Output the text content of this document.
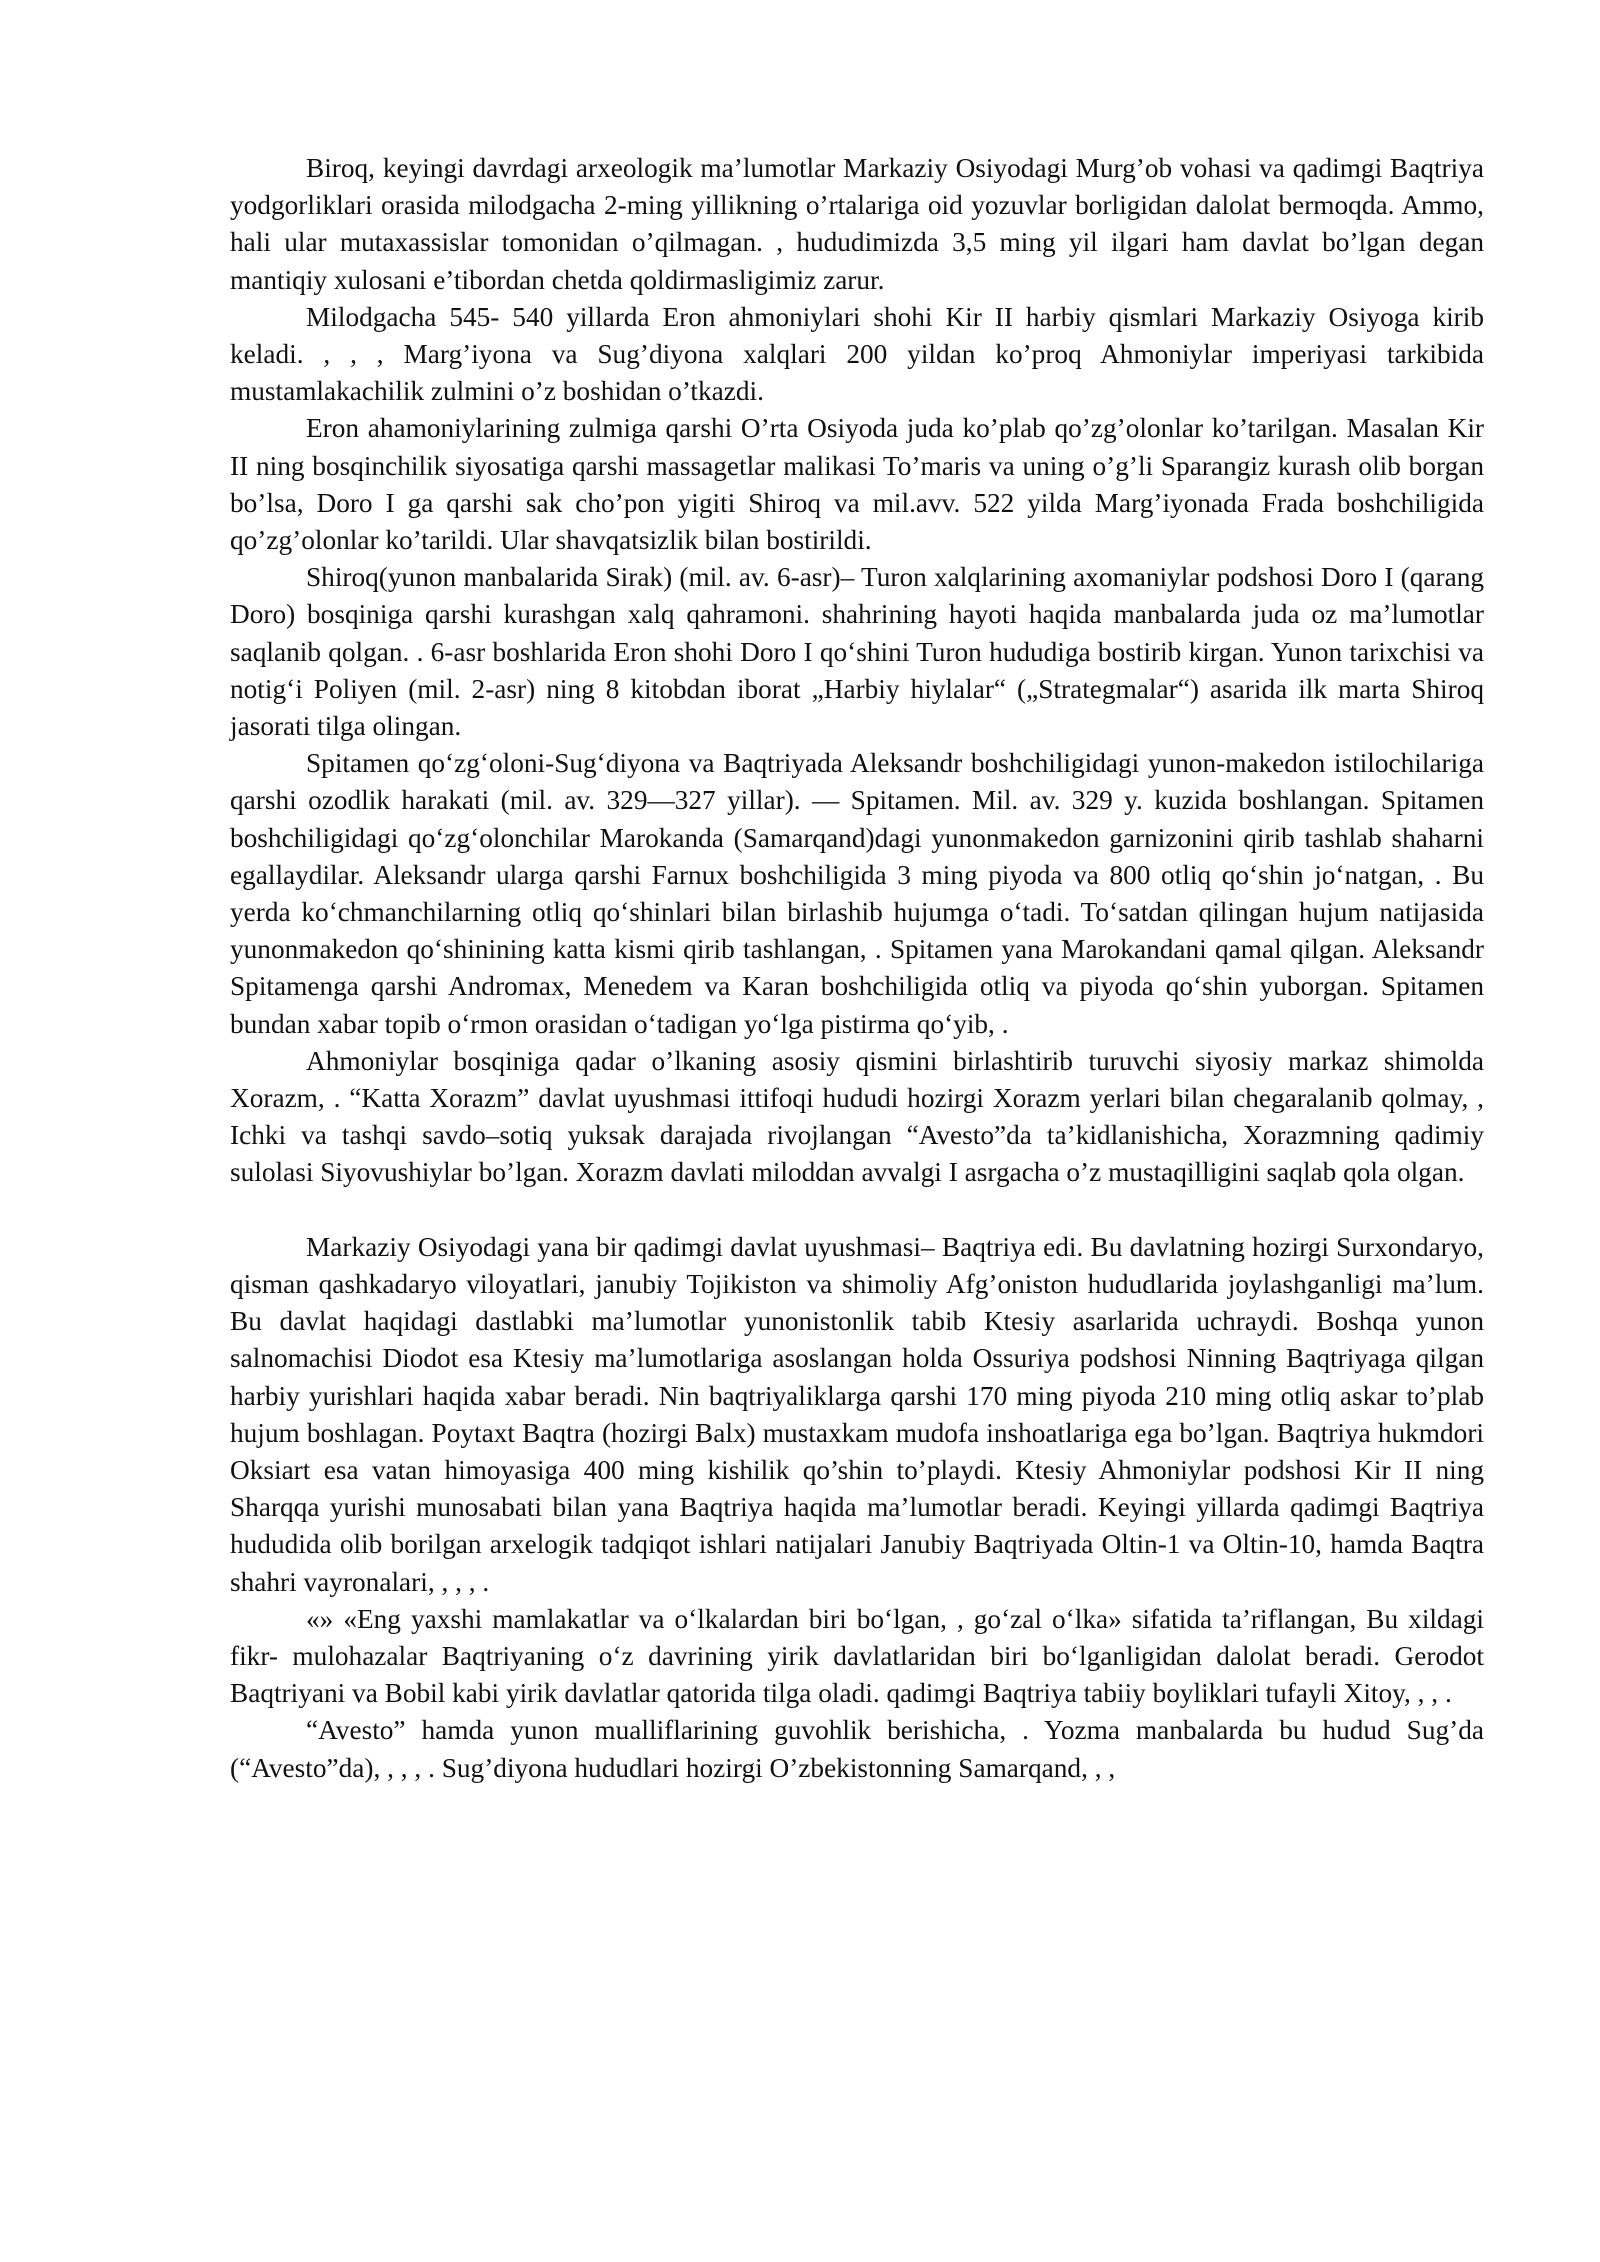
Biroq, keyingi davrdagi arxeologik ma’lumotlar Markaziy Osiyodagi Murg’ob vohasi va qadimgi Baqtriya yodgorliklari orasida milodgacha 2-ming yillikning o’rtalariga oid yozuvlar borligidan dalolat bermoqda. Ammo, hali ular mutaxassislar tomonidan o’qilmagan. , hududimizda 3,5 ming yil ilgari ham davlat bo’lgan degan mantiqiy xulosani e’tibordan chetda qoldirmasligimiz zarur.

Milodgacha 545- 540 yillarda Eron ahmoniylari shohi Kir II harbiy qismlari Markaziy Osiyoga kirib keladi. , , , Marg’iyona va Sug’diyona xalqlari 200 yildan ko’proq Ahmoniylar imperiyasi tarkibida mustamlakachilik zulmini o’z boshidan o’tkazdi.

Eron ahamoniylarining zulmiga qarshi O’rta Osiyoda juda ko’plab qo’zg’olonlar ko’tarilgan. Masalan Kir II ning bosqinchilik siyosatiga qarshi massagetlar malikasi To’maris va uning o’g’li Sparangiz kurash olib borgan bo’lsa, Doro I ga qarshi sak cho’pon yigiti Shiroq va mil.avv. 522 yilda Marg’iyonada Frada boshchiligida qo’zg’olonlar ko’tarildi. Ular shavqatsizlik bilan bostirildi.

Shiroq(yunon manbalarida Sirak) (mil. av. 6-asr)– Turon xalqlarining axomaniylar podshosi Doro I (qarang Doro) bosqiniga qarshi kurashgan xalq qahramoni. shahrining hayoti haqida manbalarda juda oz ma’lumotlar saqlanib qolgan. . 6-asr boshlarida Eron shohi Doro I qo‘shini Turon hududiga bostirib kirgan. Yunon tarixchisi va notig‘i Poliyen (mil. 2-asr) ning 8 kitobdan iborat „Harbiy hiylalar“ („Strategmalar“) asarida ilk marta Shiroq jasorati tilga olingan.

Spitamen qo‘zg‘oloni-Sug‘diyona va Baqtriyada Aleksandr boshchiligidagi yunon-makedon istilochilariga qarshi ozodlik harakati (mil. av. 329—327 yillar). — Spitamen. Mil. av. 329 y. kuzida boshlangan. Spitamen boshchiligidagi qo‘zg‘olonchilar Marokanda (Samarqand)dagi yunonmakedon garnizonini qirib tashlab shaharni egallaydilar. Aleksandr ularga qarshi Farnux boshchiligida 3 ming piyoda va 800 otliq qo‘shin jo‘natgan, . Bu yerda ko‘chmanchilarning otliq qo‘shinlari bilan birlashib hujumga o‘tadi. To‘satdan qilingan hujum natijasida yunonmakedon qo‘shinining katta kismi qirib tashlangan, . Spitamen yana Marokandani qamal qilgan. Aleksandr Spitamenga qarshi Andromax, Menedem va Karan boshchiligida otliq va piyoda qo‘shin yuborgan. Spitamen bundan xabar topib o‘rmon orasidan o‘tadigan yo‘lga pistirma qo‘yib, .

Ahmoniylar bosqiniga qadar o’lkaning asosiy qismini birlashtirib turuvchi siyosiy markaz shimolda Xorazm, . “Katta Xorazm” davlat uyushmasi ittifoqi hududi hozirgi Xorazm yerlari bilan chegaralanib qolmay, , Ichki va tashqi savdo–sotiq yuksak darajada rivojlangan “Avesto”da ta’kidlanishicha, Xorazmning qadimiy sulolasi Siyovushiylar bo’lgan. Xorazm davlati miloddan avvalgi I asrgacha o’z mustaqilligini saqlab qola olgan.

Markaziy Osiyodagi yana bir qadimgi davlat uyushmasi– Baqtriya edi. Bu davlatning hozirgi Surxondaryo, qisman qashkadaryo viloyatlari, janubiy Tojikiston va shimoliy Afg’oniston hududlarida joylashganligi ma’lum. Bu davlat haqidagi dastlabki ma’lumotlar yunonistonlik tabib Ktesiy asarlarida uchraydi. Boshqa yunon salnomachisi Diodot esa Ktesiy ma’lumotlariga asoslangan holda Ossuriya podshosi Ninning Baqtriyaga qilgan harbiy yurishlari haqida xabar beradi. Nin baqtriyaliklarga qarshi 170 ming piyoda 210 ming otliq askar to’plab hujum boshlagan. Poytaxt Baqtra (hozirgi Balx) mustaxkam mudofa inshoatlariga ega bo’lgan. Baqtriya hukmdori Oksiart esa vatan himoyasiga 400 ming kishilik qo’shin to’playdi. Ktesiy Ahmoniylar podshosi Kir II ning Sharqqa yurishi munosabati bilan yana Baqtriya haqida ma’lumotlar beradi. Keyingi yillarda qadimgi Baqtriya hududida olib borilgan arxelogik tadqiqot ishlari natijalari Janubiy Baqtriyada Oltin-1 va Oltin-10, hamda Baqtra shahri vayronalari, , , , .

«» «Eng yaxshi mamlakatlar va o‘lkalardan biri bo‘lgan, , go‘zal o‘lka» sifatida ta’riflangan, Bu xildagi fikr- mulohazalar Baqtriyaning o‘z davrining yirik davlatlaridan biri bo‘lganligidan dalolat beradi. Gerodot Baqtriyani va Bobil kabi yirik davlatlar qatorida tilga oladi. qadimgi Baqtriya tabiiy boyliklari tufayli Xitoy, , , .

“Avesto” hamda yunon mualliflarining guvohlik berishicha, . Yozma manbalarda bu hudud Sug’da (“Avesto”da), , , , . Sug’diyona hududlari hozirgi O’zbekistonning Samarqand, , ,
